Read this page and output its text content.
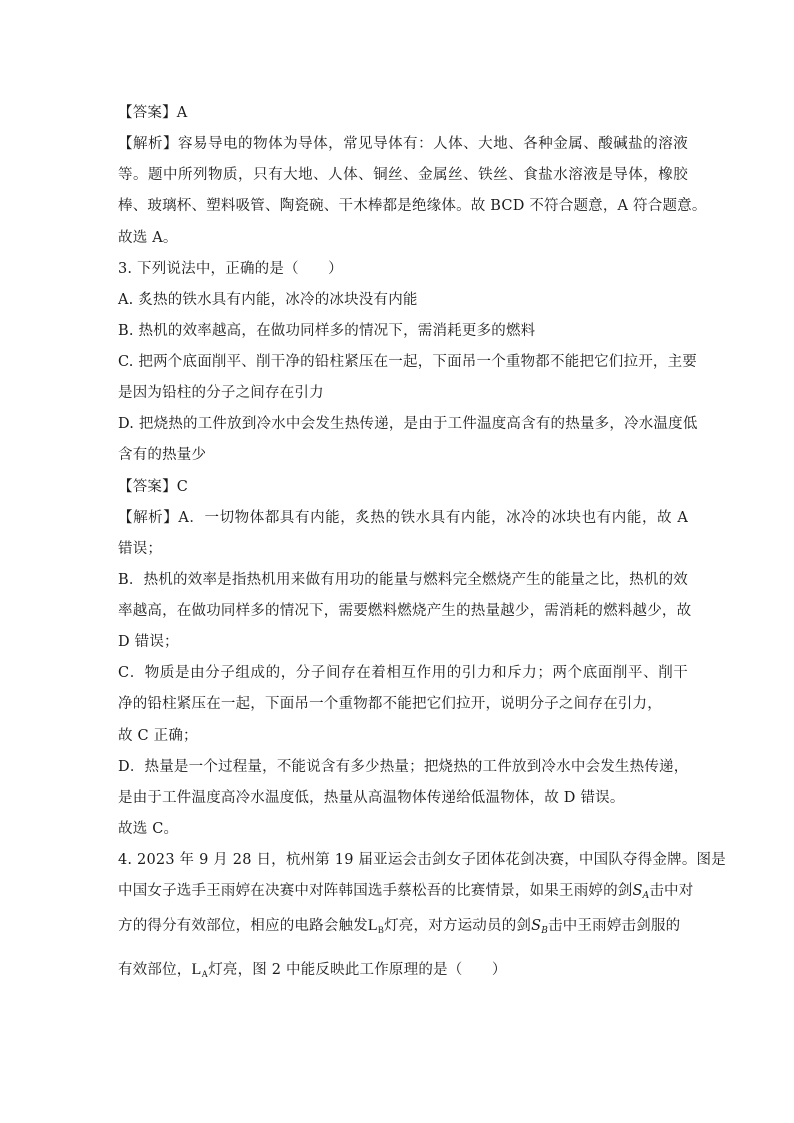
【答案】A
【解析】容易导电的物体为导体，常见导体有：人体、大地、各种金属、酸碱盐的溶液
等。题中所列物质，只有大地、人体、铜丝、金属丝、铁丝、食盐水溶液是导体，橡胶
棒、玻璃杯、塑料吸管、陶瓷碗、干木棒都是绝缘体。故 BCD 不符合题意，A 符合题意。
故选 A。
3. 下列说法中，正确的是（　　）
A. 炙热的铁水具有内能，冰冷的冰块没有内能
B. 热机的效率越高，在做功同样多的情况下，需消耗更多的燃料
C. 把两个底面削平、削干净的铅柱紧压在一起，下面吊一个重物都不能把它们拉开，主要
是因为铅柱的分子之间存在引力
D. 把烧热的工件放到冷水中会发生热传递，是由于工件温度高含有的热量多，冷水温度低
含有的热量少
【答案】C
【解析】A．一切物体都具有内能，炙热的铁水具有内能，冰冷的冰块也有内能，故 A
错误；
B．热机的效率是指热机用来做有用功的能量与燃料完全燃烧产生的能量之比，热机的效
率越高，在做功同样多的情况下，需要燃料燃烧产生的热量越少，需消耗的燃料越少，故
D 错误；
C．物质是由分子组成的，分子间存在着相互作用的引力和斥力；两个底面削平、削干
净的铅柱紧压在一起，下面吊一个重物都不能把它们拉开，说明分子之间存在引力，
故 C 正确；
D．热量是一个过程量，不能说含有多少热量；把烧热的工件放到冷水中会发生热传递，
是由于工件温度高冷水温度低，热量从高温物体传递给低温物体，故 D 错误。
故选 C。
4. 2023 年 9 月 28 日，杭州第 19 届亚运会击剑女子团体花剑决赛，中国队夺得金牌。图是
中国女子选手王雨婷在决赛中对阵韩国选手蔡松吾的比赛情景，如果王雨婷的剑$S_A$击中对
方的得分有效部位，相应的电路会触发$L_B$灯亮，对方运动员的剑$S_B$击中王雨婷击剑服的
有效部位，$L_A$灯亮，图 2 中能反映此工作原理的是（　　）
